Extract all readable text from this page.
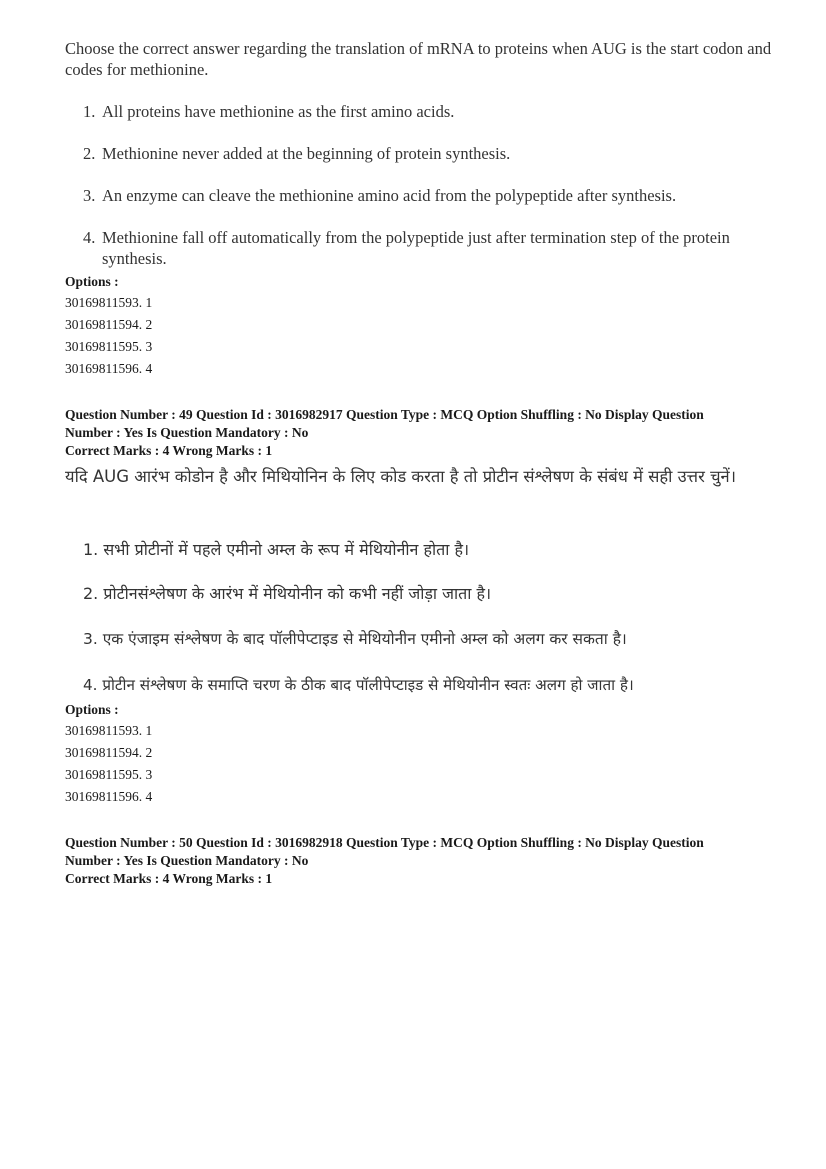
Choose the correct answer regarding the translation of mRNA to proteins when AUG is the start codon and codes for methionine.

1. All proteins have methionine as the first amino acids.
2. Methionine never added at the beginning of protein synthesis.
3. An enzyme can cleave the methionine amino acid from the polypeptide after synthesis.
4. Methionine fall off automatically from the polypeptide just after termination step of the protein synthesis.
Options :
30169811593. 1
30169811594. 2
30169811595. 3
30169811596. 4
Question Number : 49 Question Id : 3016982917 Question Type : MCQ Option Shuffling : No Display Question
Number : Yes Is Question Mandatory : No
Correct Marks : 4 Wrong Marks : 1

यदि AUG आरंभ कोडोन है और मिथियोनिन के लिए कोड करता है तो प्रोटीन संश्लेषण के संबंध में सही उत्तर चुनें।

1. सभी प्रोटीनों में पहले एमीनो अम्ल के रूप में मेथियोनीन होता है।
2. प्रोटीनसंश्लेषण के आरंभ में मेथियोनीन को कभी नहीं जोड़ा जाता है।
3. एक एंजाइम संश्लेषण के बाद पॉलीपेप्टाइड से मेथियोनीन एमीनो अम्ल को अलग कर सकता है।
4. प्रोटीन संश्लेषण के समाप्ति चरण के ठीक बाद पॉलीपेप्टाइड से मेथियोनीन स्वतः अलग हो जाता है।
Options :
30169811593. 1
30169811594. 2
30169811595. 3
30169811596. 4
Question Number : 50 Question Id : 3016982918 Question Type : MCQ Option Shuffling : No Display Question
Number : Yes Is Question Mandatory : No
Correct Marks : 4 Wrong Marks : 1
